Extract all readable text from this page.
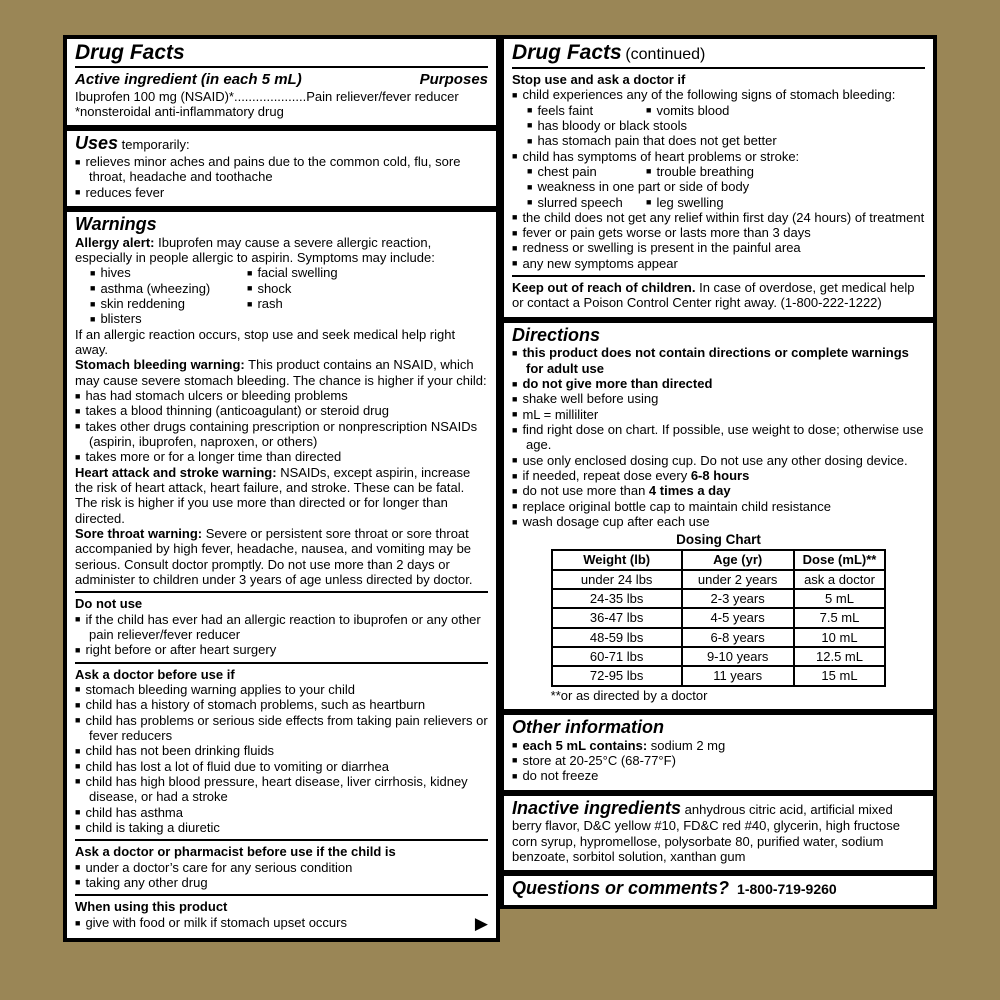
Drug Facts
Active ingredient (in each 5 mL)	Purposes
Ibuprofen 100 mg (NSAID)*....................Pain reliever/fever reducer
*nonsteroidal anti-inflammatory drug
Uses temporarily:
■ relieves minor aches and pains due to the common cold, flu, sore throat, headache and toothache
■ reduces fever
Warnings

Allergy alert: Ibuprofen may cause a severe allergic reaction, especially in people allergic to aspirin. Symptoms may include:

■ hives	■ facial swelling
■ asthma (wheezing)	■ shock
■ skin reddening	■ rash
■ blisters

If an allergic reaction occurs, stop use and seek medical help right away.

Stomach bleeding warning: This product contains an NSAID, which may cause severe stomach bleeding. The chance is higher if your child:

■ has had stomach ulcers or bleeding problems
■ takes a blood thinning (anticoagulant) or steroid drug
■ takes other drugs containing prescription or nonprescription NSAIDs (aspirin, ibuprofen, naproxen, or others)
■ takes more or for a longer time than directed

Heart attack and stroke warning: NSAIDs, except aspirin, increase the risk of heart attack, heart failure, and stroke. These can be fatal. The risk is higher if you use more than directed or for longer than directed.

Sore throat warning: Severe or persistent sore throat or sore throat accompanied by high fever, headache, nausea, and vomiting may be serious. Consult doctor promptly. Do not use more than 2 days or administer to children under 3 years of age unless directed by doctor.

Do not use
■ if the child has ever had an allergic reaction to ibuprofen or any other pain reliever/fever reducer
■ right before or after heart surgery
Ask a doctor before use if
■ stomach bleeding warning applies to your child
■ child has a history of stomach problems, such as heartburn
■ child has problems or serious side effects from taking pain relievers or fever reducers
■ child has not been drinking fluids
■ child has lost a lot of fluid due to vomiting or diarrhea
■ child has high blood pressure, heart disease, liver cirrhosis, kidney disease, or had a stroke
■ child has asthma
■ child is taking a diuretic
Ask a doctor or pharmacist before use if the child is
■ under a doctor’s care for any serious condition
■ taking any other drug
When using this product
■ give with food or milk if stomach upset occurs	▶
Drug Facts (continued)
Stop use and ask a doctor if
■ child experiences any of the following signs of stomach bleeding:
■ feels faint	■ vomits blood
■ has bloody or black stools
■ has stomach pain that does not get better
■ child has symptoms of heart problems or stroke:
■ chest pain	■ trouble breathing
■ weakness in one part or side of body
■ slurred speech	■ leg swelling
■ the child does not get any relief within first day (24 hours) of treatment
■ fever or pain gets worse or lasts more than 3 days
■ redness or swelling is present in the painful area
■ any new symptoms appear

Keep out of reach of children. In case of overdose, get medical help or contact a Poison Control Center right away. (1-800-222-1222)

Directions
■ this product does not contain directions or complete warnings for adult use
■ do not give more than directed
■ shake well before using
■ mL = milliliter
■ find right dose on chart. If possible, use weight to dose; otherwise use age.
■ use only enclosed dosing cup. Do not use any other dosing device.
■ if needed, repeat dose every 6-8 hours
■ do not use more than 4 times a day
■ replace original bottle cap to maintain child resistance
■ wash dosage cup after each use
Dosing Chart
Weight (lb)	Age (yr)	Dose (mL)**
under 24 lbs	under 2 years	ask a doctor
24-35 lbs	2-3 years	5 mL
36-47 lbs	4-5 years	7.5 mL
48-59 lbs	6-8 years	10 mL
60-71 lbs	9-10 years	12.5 mL
72-95 lbs	11 years	15 mL
**or as directed by a doctor
Other information
■ each 5 mL contains: sodium 2 mg
■ store at 20-25°C (68-77°F)
■ do not freeze

Inactive ingredients anhydrous citric acid, artificial mixed berry flavor, D&C yellow #10, FD&C red #40, glycerin, high fructose corn syrup, hypromellose, polysorbate 80, purified water, sodium benzoate, sorbitol solution, xanthan gum

Questions or comments? 1-800-719-9260
